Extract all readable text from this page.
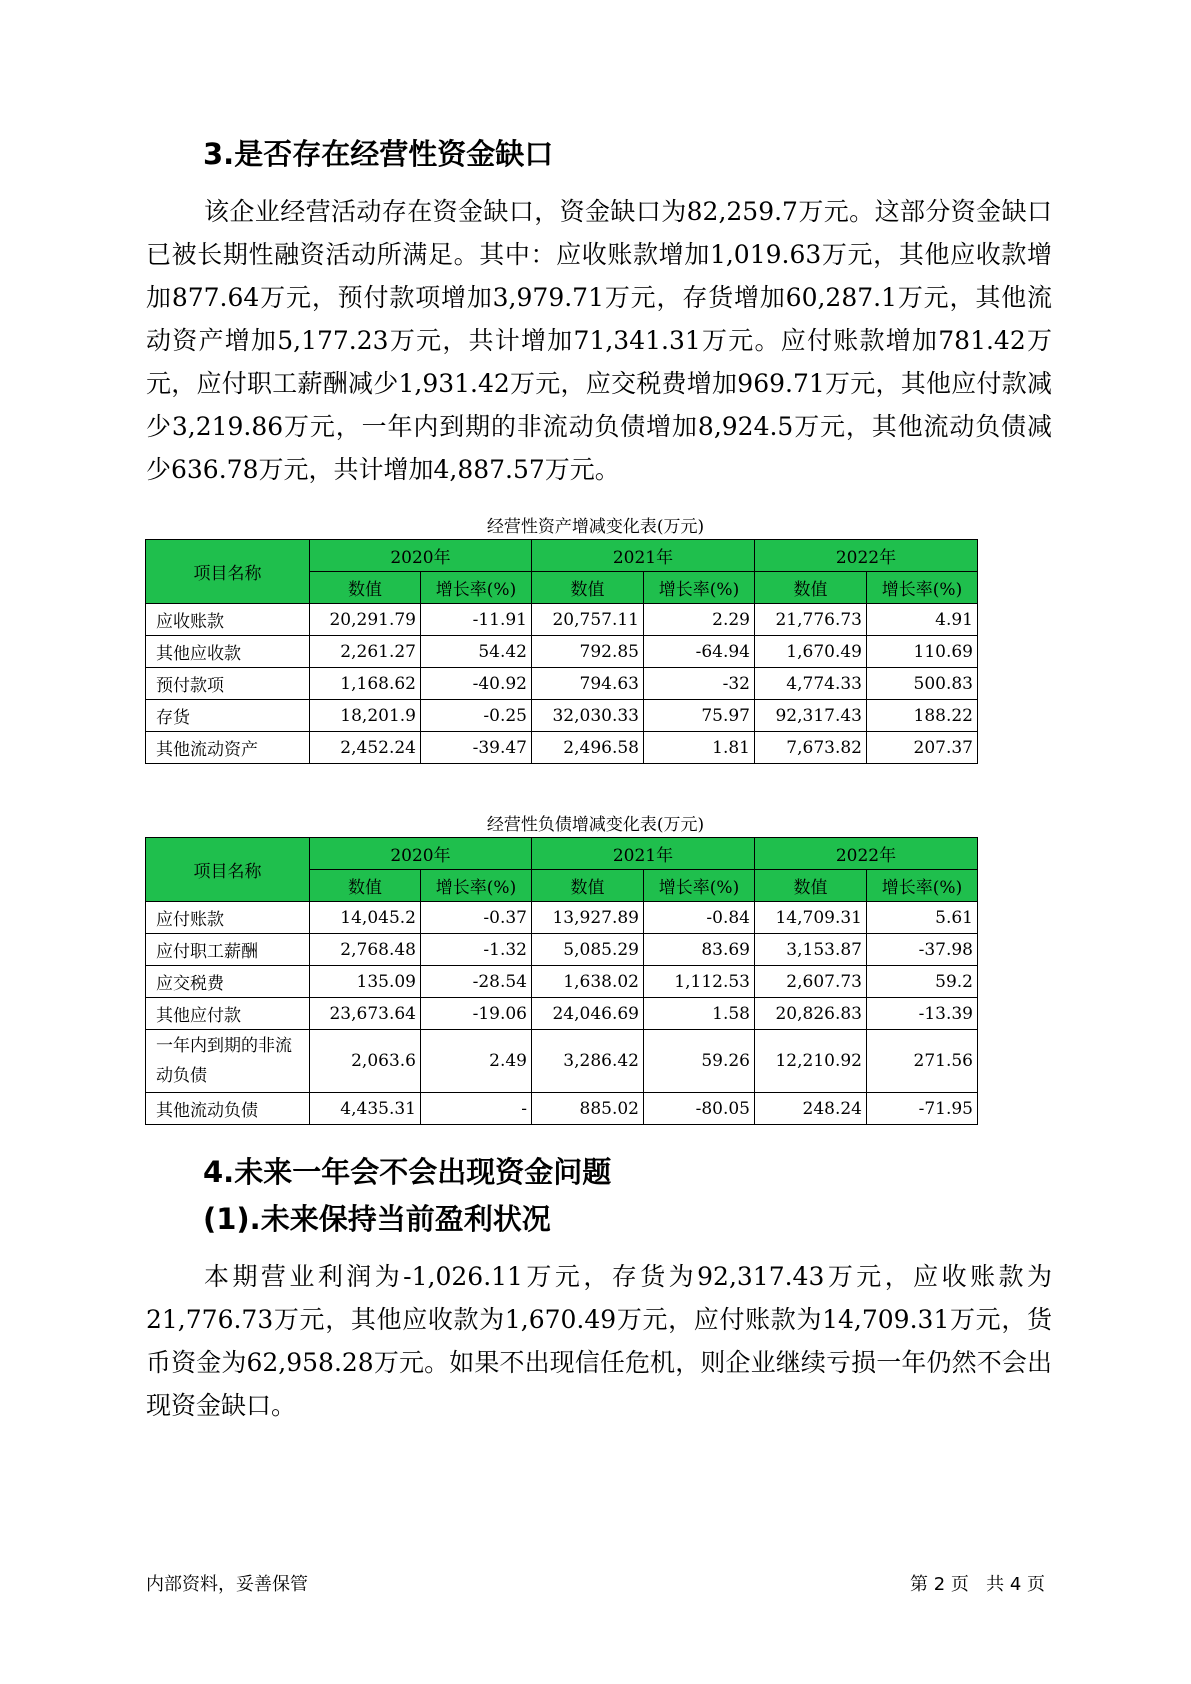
3.是否存在经营性资金缺口

该企业经营活动存在资金缺口，资金缺口为82,259.7万元。这部分资金缺口已被长期性融资活动所满足。其中：应收账款增加1,019.63万元，其他应收款增加877.64万元，预付款项增加3,979.71万元，存货增加60,287.1万元，其他流动资产增加5,177.23万元，共计增加71,341.31万元。应付账款增加781.42万元，应付职工薪酬减少1,931.42万元，应交税费增加969.71万元，其他应付款减少3,219.86万元，一年内到期的非流动负债增加8,924.5万元，其他流动负债减少636.78万元，共计增加4,887.57万元。

经营性资产增减变化表(万元)

项目名称	2020年		2021年		2022年	
	数值	增长率(%)	数值	增长率(%)	数值	增长率(%)
应收账款	20,291.79	-11.91	20,757.11	2.29	21,776.73	4.91
其他应收款	2,261.27	54.42	792.85	-64.94	1,670.49	110.69
预付款项	1,168.62	-40.92	794.63	-32	4,774.33	500.83
存货	18,201.9	-0.25	32,030.33	75.97	92,317.43	188.22
其他流动资产	2,452.24	-39.47	2,496.58	1.81	7,673.82	207.37

经营性负债增减变化表(万元)

项目名称	2020年		2021年		2022年	
	数值	增长率(%)	数值	增长率(%)	数值	增长率(%)
应付账款	14,045.2	-0.37	13,927.89	-0.84	14,709.31	5.61
应付职工薪酬	2,768.48	-1.32	5,085.29	83.69	3,153.87	-37.98
应交税费	135.09	-28.54	1,638.02	1,112.53	2,607.73	59.2
其他应付款	23,673.64	-19.06	24,046.69	1.58	20,826.83	-13.39
一年内到期的非流动负债	2,063.6	2.49	3,286.42	59.26	12,210.92	271.56
其他流动负债	4,435.31	-	885.02	-80.05	248.24	-71.95
4.未来一年会不会出现资金问题
(1).未来保持当前盈利状况

本期营业利润为-1,026.11万元，存货为92,317.43万元，应收账款为21,776.73万元，其他应收款为1,670.49万元，应付账款为14,709.31万元，货币资金为62,958.28万元。如果不出现信任危机，则企业继续亏损一年仍然不会出现资金缺口。

内部资料，妥善保管	第 2 页   共 4 页
